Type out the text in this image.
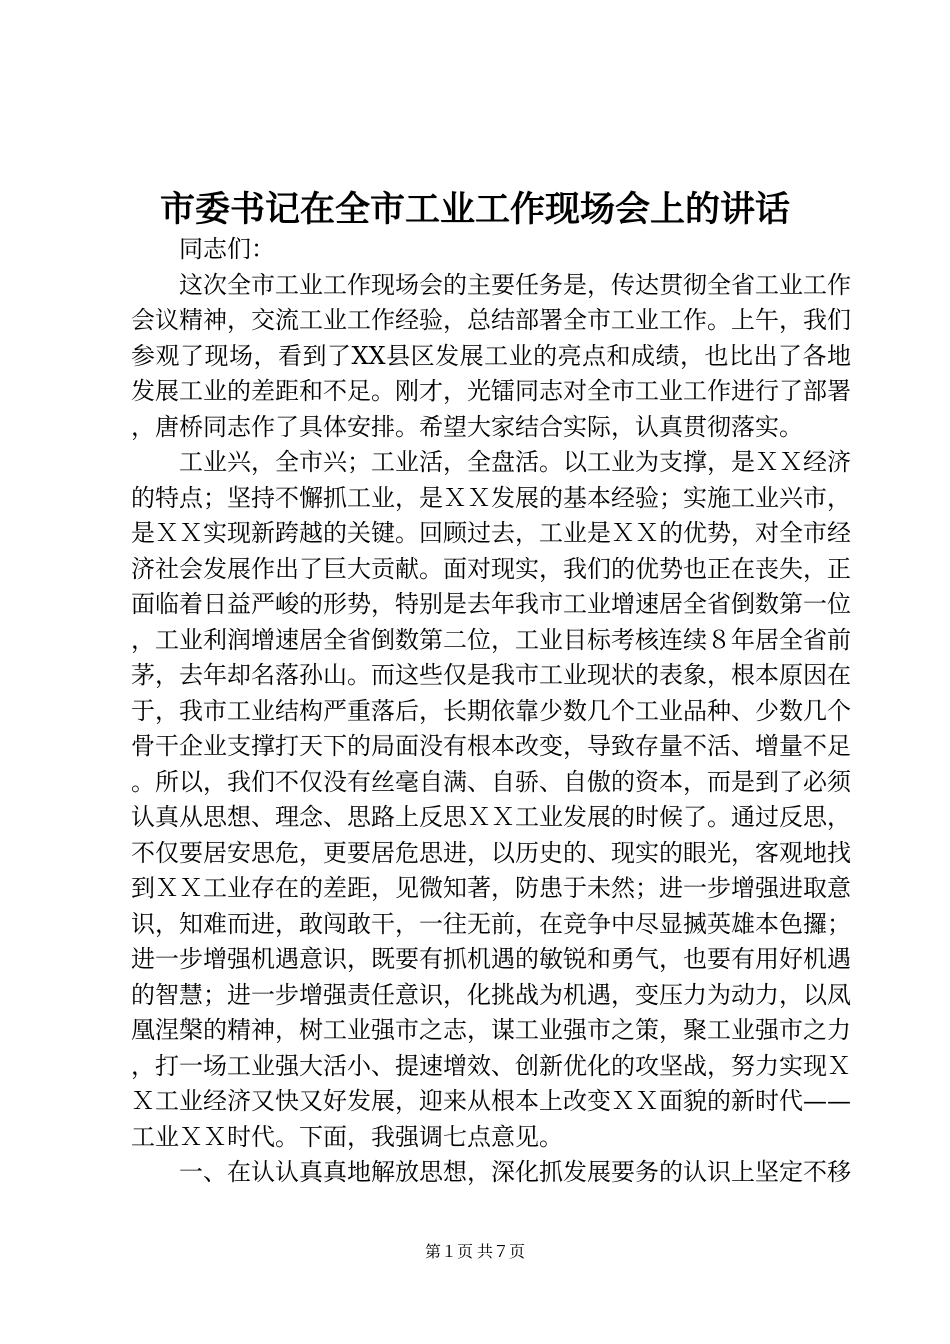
市委书记在全市工业工作现场会上的讲话

同志们：

这次全市工业工作现场会的主要任务是，传达贯彻全省工业工作会议精神，交流工业工作经验，总结部署全市工业工作。上午，我们参观了现场，看到了XX县区发展工业的亮点和成绩，也比出了各地发展工业的差距和不足。刚才，光镭同志对全市工业工作进行了部署，唐桥同志作了具体安排。希望大家结合实际，认真贯彻落实。

工业兴，全市兴；工业活，全盘活。以工业为支撑，是ＸＸ经济的特点；坚持不懈抓工业，是ＸＸ发展的基本经验；实施工业兴市，是ＸＸ实现新跨越的关键。回顾过去，工业是ＸＸ的优势，对全市经济社会发展作出了巨大贡献。面对现实，我们的优势也正在丧失，正面临着日益严峻的形势，特别是去年我市工业增速居全省倒数第一位，工业利润增速居全省倒数第二位，工业目标考核连续８年居全省前茅，去年却名落孙山。而这些仅是我市工业现状的表象，根本原因在于，我市工业结构严重落后，长期依靠少数几个工业品种、少数几个骨干企业支撑打天下的局面没有根本改变，导致存量不活、增量不足。所以，我们不仅没有丝毫自满、自骄、自傲的资本，而是到了必须认真从思想、理念、思路上反思ＸＸ工业发展的时候了。通过反思，不仅要居安思危，更要居危思进，以历史的、现实的眼光，客观地找到ＸＸ工业存在的差距，见微知著，防患于未然；进一步增强进取意识，知难而进，敢闯敢干，一往无前，在竞争中尽显搣英雄本色攞；进一步增强机遇意识，既要有抓机遇的敏锐和勇气，也要有用好机遇的智慧；进一步增强责任意识，化挑战为机遇，变压力为动力，以凤凰涅槃的精神，树工业强市之志，谋工业强市之策，聚工业强市之力，打一场工业强大活小、提速增效、创新优化的攻坚战，努力实现ＸＸ工业经济又快又好发展，迎来从根本上改变ＸＸ面貌的新时代——工业ＸＸ时代。下面，我强调七点意见。

一、在认认真真地解放思想，深化抓发展要务的认识上坚定不移

第１页 共７页
